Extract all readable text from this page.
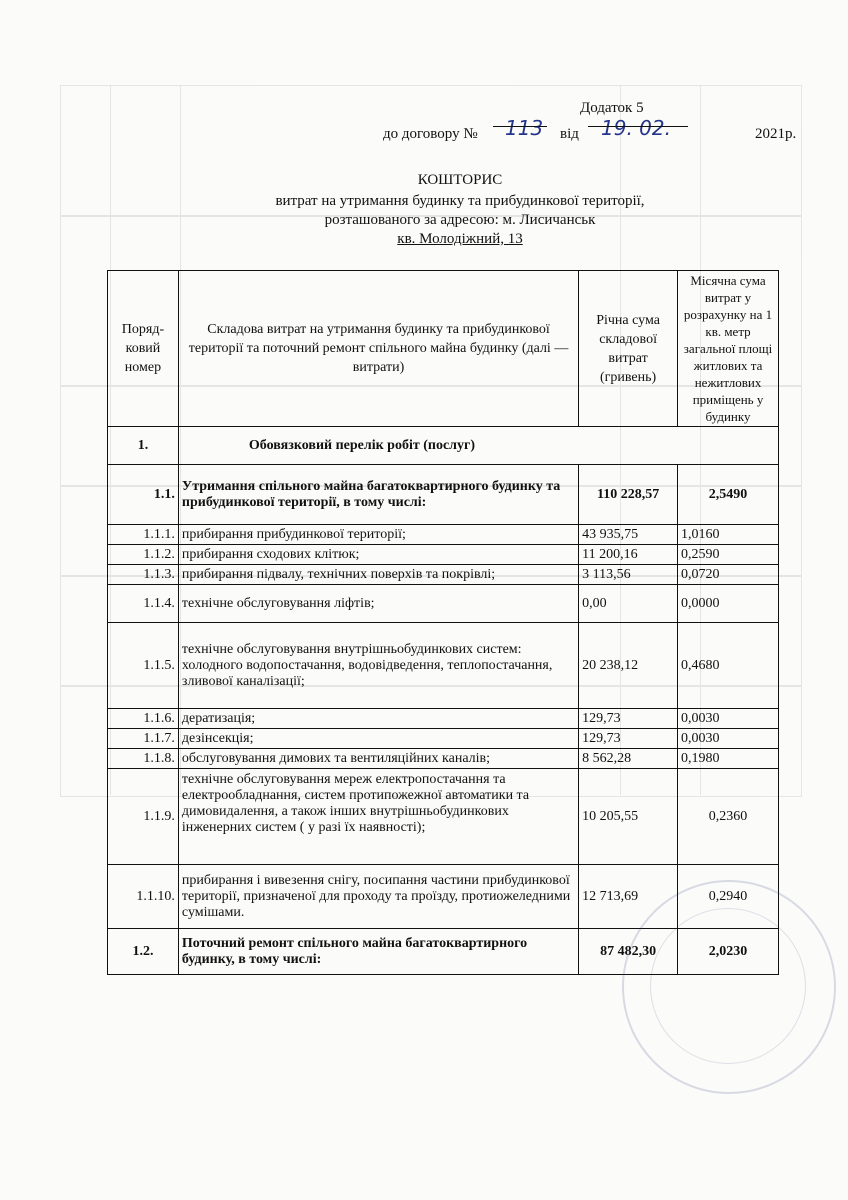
Додаток 5
до договору № 113 від 19. 02.	2021р.
КОШТОРИС
витрат на утримання будинку та прибудинкової території,
розташованого за адресою: м. Лисичанськ
кв. Молодіжний, 13
Поряд-ковий номер	Складова витрат на утримання будинку та прибудинкової території та поточний ремонт спільного майна будинку (далі — витрати)	Річна сума складової витрат (гривень)	Місячна сума витрат у розрахунку на 1 кв. метр загальної площі житлових та нежитлових приміщень у будинку
1.	Обовязковий перелік робіт (послуг)		
1.1.	Утримання спільного майна багатоквартирного будинку та прибудинкової території, в тому числі:	110 228,57	2,5490
1.1.1.	прибирання прибудинкової території;	43 935,75	1,0160
1.1.2.	прибирання сходових клітюк;	11 200,16	0,2590
1.1.3.	прибирання підвалу, технічних поверхів та покрівлі;	3 113,56	0,0720
1.1.4.	технічне обслуговування ліфтів;	0,00	0,0000
1.1.5.	технічне обслуговування внутрішньобудинкових систем: холодного водопостачання, водовідведення, теплопостачання, зливової каналізації;	20 238,12	0,4680
1.1.6.	дератизація;	129,73	0,0030
1.1.7.	дезінсекція;	129,73	0,0030
1.1.8.	обслуговування димових та вентиляційних каналів;	8 562,28	0,1980
1.1.9.	технічне обслуговування мереж електропостачання та електрообладнання, систем протипожежної автоматики та димовидалення, а також інших внутрішньобудинкових інженерних систем ( у разі їх наявності);	10 205,55	0,2360
1.1.10.	прибирання і вивезення снігу, посипання частини прибудинкової території, призначеної для проходу та проїзду, протиожеледними сумішами.	12 713,69	0,2940
1.2.	Поточний ремонт спільного майна багатоквартирного будинку, в тому числі:	87 482,30	2,0230
